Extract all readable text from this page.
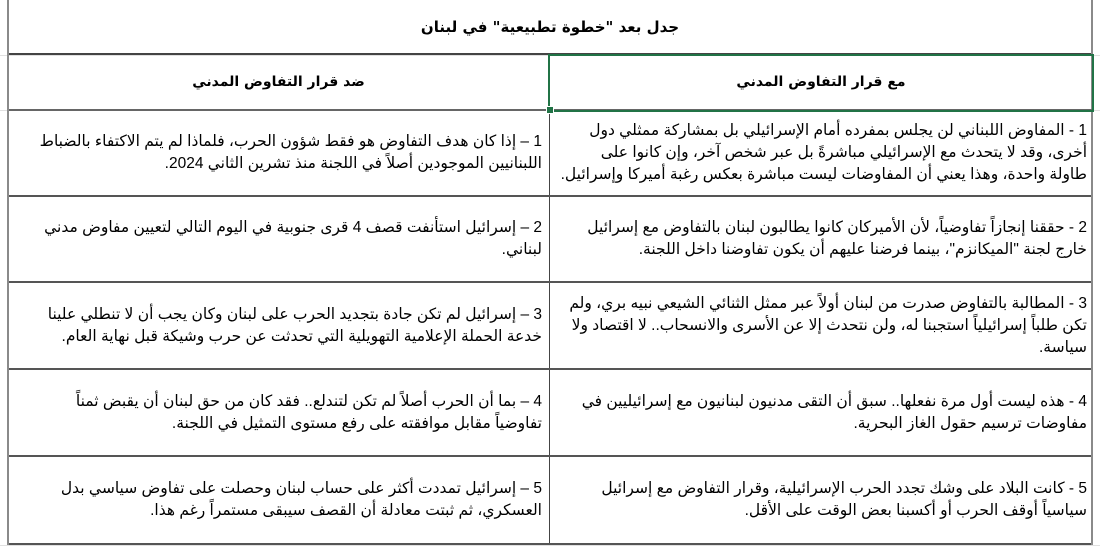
جدل بعد "خطوة تطبيعية" في لبنان
ضد قرار التفاوض المدني	مع قرار التفاوض المدني

1 – إذا كان هدف التفاوض هو فقط شؤون الحرب، فلماذا لم يتم الاكتفاء بالضباط اللبنانيين الموجودين أصلاً في اللجنة منذ تشرين الثاني 2024.

1 - المفاوض اللبناني لن يجلس بمفرده أمام الإسرائيلي بل بمشاركة ممثلي دول أخرى، وقد لا يتحدث مع الإسرائيلي مباشرةً بل عبر شخص آخر، وإن كانوا على طاولة واحدة، وهذا يعني أن المفاوضات ليست مباشرة بعكس رغبة أميركا وإسرائيل.

2 – إسرائيل استأنفت قصف 4 قرى جنوبية في اليوم التالي لتعيين مفاوض مدني لبناني.

2 - حققنا إنجازاً تفاوضياً، لأن الأميركان كانوا يطالبون لبنان بالتفاوض مع إسرائيل خارج لجنة "الميكانزم"، بينما فرضنا عليهم أن يكون تفاوضنا داخل اللجنة.

3 – إسرائيل لم تكن جادة بتجديد الحرب على لبنان وكان يجب أن لا تنطلي علينا خدعة الحملة الإعلامية التهويلية التي تحدثت عن حرب وشيكة قبل نهاية العام.

3 - المطالبة بالتفاوض صدرت من لبنان أولاً عبر ممثل الثنائي الشيعي نبيه بري، ولم تكن طلباً إسرائيلياً استجبنا له، ولن نتحدث إلا عن الأسرى والانسحاب.. لا اقتصاد ولا سياسة.

4 – بما أن الحرب أصلاً لم تكن لتندلع.. فقد كان من حق لبنان أن يقبض ثمناً تفاوضياً مقابل موافقته على رفع مستوى التمثيل في اللجنة.

4 - هذه ليست أول مرة نفعلها.. سبق أن التقى مدنيون لبنانيون مع إسرائيليين في مفاوضات ترسيم حقول الغاز البحرية.

5 – إسرائيل تمددت أكثر على حساب لبنان وحصلت على تفاوض سياسي بدل العسكري، ثم ثبتت معادلة أن القصف سيبقى مستمراً رغم هذا.

5 - كانت البلاد على وشك تجدد الحرب الإسرائيلية، وقرار التفاوض مع إسرائيل سياسياً أوقف الحرب أو أكسبنا بعض الوقت على الأقل.
